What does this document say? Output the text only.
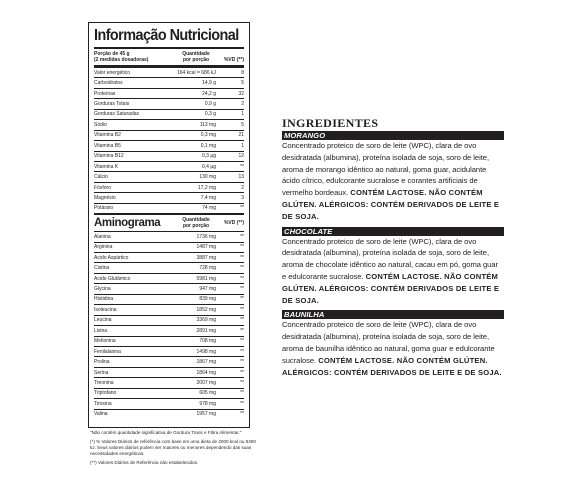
Informação Nutricional
Porção de 45 g
(2 medidas dosadoras)
Quantidade
por porção	%VD (**)
Valor energético	164 kcal = 686 kJ	8
Carboidratos	14,9 g	5
Proteínas	24,2 g	32
Gorduras Totais	0,9 g	2
Gorduras Saturadas	0,3 g	1
Sódio	113 mg	5
Vitamina B2	0,3 mg	21
Vitamina B5	0,1 mg	1
Vitamina B12	0,3 µg	12
Vitamina K	0,4 µg	**
Cálcio	130 mg	13
Fósforo	17,2 mg	2
Magnésio	7,4 mg	3
Potássio	74 mg	**
Aminograma	Quantidade
por porção	%VD (**)
Alanina	1736 mg	**
Arginina	1487 mg	**
Ácido Aspártico	3887 mg	**
Cistina	728 mg	**
Ácido Glutâmico	5981 mg	**
Glycina	947 mg	**
Histidina	839 mg	**
Isoleucina	1852 mg	**
Leucina	3369 mg	**
Lisina	2891 mg	**
Metionina	708 mg	**
Fenilalanina	1498 mg	**
Prolina	1867 mg	**
Serina	1864 mg	**
Treonina	2007 mg	**
Triptofano	605 mg	**
Tirosina	978 mg	**
Valina	1957 mg	**

"Não contém quantidade significativa de Gordura Trans e Fibra Alimentar."

(*) % Valores Diários de referência com base em uma dieta de 2000 kcal ou 8400 kJ. Seus valores diários podem ser maiores ou menores dependendo das suas necessidades energéticas.

(**) Valores Diários de Referência não estabelecidos.

INGREDIENTES
MORANGO
Concentrado proteico de soro de leite (WPC), clara de ovo desidratada (albumina), proteína isolada de soja, soro de leite, aroma de morango idêntico ao natural, goma guar, acidulante ácido cítrico, edulcorante sucralose e corantes artificiais de vermelho bordeaux. CONTÉM LACTOSE. NÃO CONTÉM GLÚTEN. ALÉRGICOS: CONTÉM DERIVADOS DE LEITE E DE SOJA.
CHOCOLATE
Concentrado proteico de soro de leite (WPC), clara de ovo desidratada (albumina), proteína isolada de soja, soro de leite, aroma de chocolate idêntico ao natural, cacau em pó, goma guar e edulcorante sucralose. CONTÉM LACTOSE. NÃO CONTÉM GLÚTEN. ALÉRGICOS: CONTÉM DERIVADOS DE LEITE E DE SOJA.
BAUNILHA
Concentrado proteico de soro de leite (WPC), clara de ovo desidratada (albumina), proteína isolada de soja, soro de leite, aroma de baunilha idêntico ao natural, goma guar e edulcorante sucralose. CONTÉM LACTOSE. NÃO CONTÉM GLÚTEN. ALÉRGICOS: CONTÉM DERIVADOS DE LEITE E DE SOJA.
